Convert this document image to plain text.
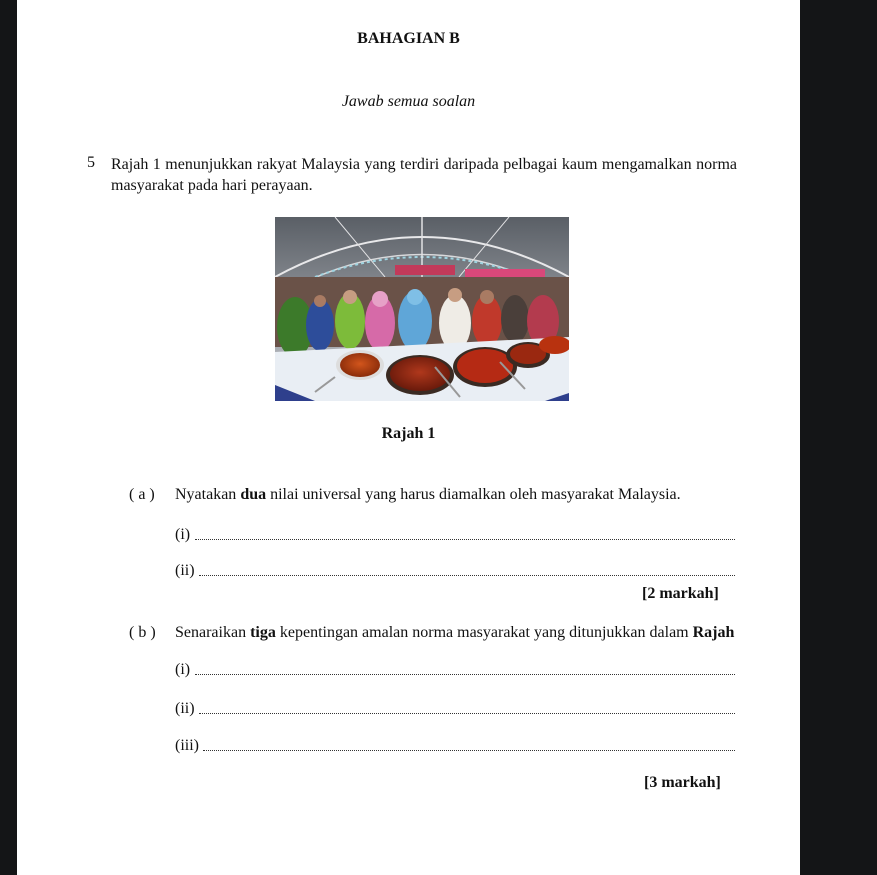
BAHAGIAN B
Jawab semua soalan
5 Rajah 1 menunjukkan rakyat Malaysia yang terdiri daripada pelbagai kaum mengamalkan norma masyarakat pada hari perayaan.
Rajah 1
( a ) Nyatakan dua nilai universal yang harus diamalkan oleh masyarakat Malaysia.
(i)
(ii)
[2 markah]
( b ) Senaraikan tiga kepentingan amalan norma masyarakat yang ditunjukkan dalam Rajah
(i)
(ii)
(iii)
[3 markah]
